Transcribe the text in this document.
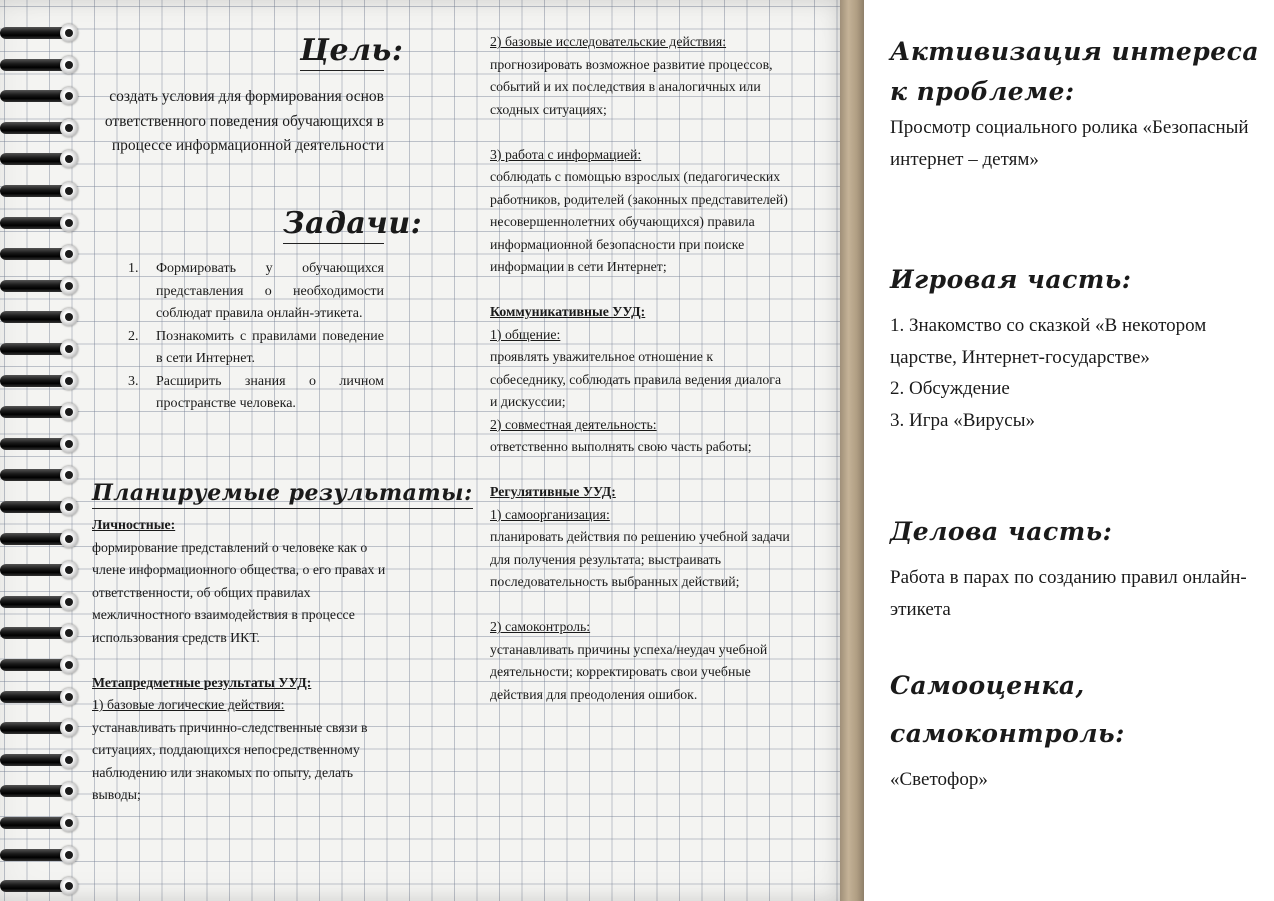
Цель:
создать условия для формирования основ ответственного поведения обучающихся в процессе информационной деятельности
Задачи:
1. Формировать у обучающихся представления о необходимости соблюдат правила онлайн-этикета.
2. Познакомить с правилами поведение в сети Интернет.
3. Расширить знания о личном пространстве человека.
Планируемые результаты:
Личностные:
формирование представлений о человеке как о члене информационного общества, о его правах и ответственности, об общих правилах межличностного взаимодействия в процессе использования средств ИКТ.
Метапредметные результаты УУД:
1) базовые логические действия:
устанавливать причинно-следственные связи в ситуациях, поддающихся непосредственному наблюдению или знакомых по опыту, делать выводы;
2) базовые исследовательские действия:
прогнозировать возможное развитие процессов, событий и их последствия в аналогичных или сходных ситуациях;
3) работа с информацией:
соблюдать с помощью взрослых (педагогических работников, родителей (законных представителей) несовершеннолетних обучающихся) правила информационной безопасности при поиске информации в сети Интернет;
Коммуникативные УУД:
1) общение:
проявлять уважительное отношение к собеседнику, соблюдать правила ведения диалога и дискуссии;
2) совместная деятельность:
ответственно выполнять свою часть работы;
Регулятивные УУД:
1) самоорганизация:
планировать действия по решению учебной задачи для получения результата; выстраивать последовательность выбранных действий;
2) самоконтроль:
устанавливать причины успеха/неудач учебной деятельности; корректировать свои учебные действия для преодоления ошибок.
Активизация интереса к проблеме:
Просмотр социального ролика «Безопасный интернет – детям»
Игровая часть:
1. Знакомство со сказкой «В некотором царстве, Интернет-государстве»
2. Обсуждение
3. Игра «Вирусы»
Делова часть:
Работа в парах по созданию правил онлайн-этикета
Самооценка,
самоконтроль:
«Светофор»
